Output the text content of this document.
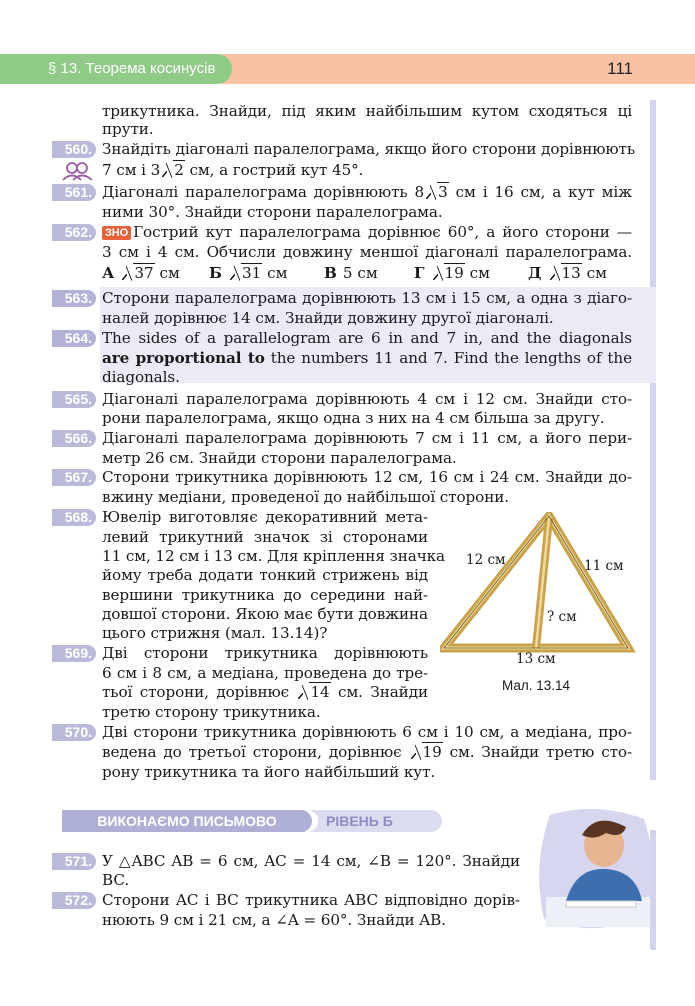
111
§ 13. Теорема косинусів
трикутника. Знайди, під яким найбільшим кутом сходяться ці
прути.
560. Знайдіть діагоналі паралелограма, якщо його сторони дорівнюють
7 см і 3 2 см, а гострий кут 45°.
561. Діагоналі паралелограма дорівнюють 8 3 см і 16 см, а кут між
ними 30°. Знайди сторони паралелограма.
562.	ЗНО Гострий кут паралелограма дорівнює 60°, а його сторони —
3 см і 4 см. Обчисли довжину меншої діагоналі паралелограма.
А 37 см Б 31 см В 5 см Г 19 см	Д 13 см
563. Сторони паралелограма дорівнюють 13 см і 15 см, а одна з діаго-
налей дорівнює 14 см. Знайди довжину другої діагоналі.
564. The sides of a parallelogram are 6 in and 7 in, and the diagonals
are proportional to the numbers 11 and 7. Find the lengths of the
diagonals.
565. Діагоналі паралелограма дорівнюють 4 см і 12 см. Знайди сто-
рони паралелограма, якщо одна з них на 4 см більша за другу.
566. Діагоналі паралелограма дорівнюють 7 см і 11 см, а його пери-
метр 26 см. Знайди сторони паралелограма.
567. Сторони трикутника дорівнюють 12 см, 16 см і 24 см. Знайди до-
вжину медіани, проведеної до найбільшої сторони.
568. Ювелір виготовляє декоративний мета-
левий трикутний значок зі сторонами
11 см, 12 см і 13 см. Для кріплення значка
йому треба додати тонкий стрижень від
вершини трикутника до середини най-
довшої сторони. Якою має бути довжина
цього стрижня (мал. 13.14)?
569. Дві сторони трикутника дорівнюють
6 см і 8 см, а медіана, проведена до тре-
тьої сторони, дорівнює 14 см. Знайди
третю сторону трикутника.
12 см	11 см
? см
13 см
Мал. 13.14
570. Дві сторони трикутника дорівнюють 6 см і 10 см, а медіана, про-
ведена до третьої сторони, дорівнює 19 см. Знайди третю сто-
рону трикутника та його найбільший кут.
РІВЕНЬ Б
ВИКОНАЄМО ПИСЬМОВО
571. У △ABC AB = 6 см, AC = 14 см, ∠B = 120°. Знайди
BC.
572. Сторони AC і BC трикутника ABC відповідно дорів-
нюють 9 см і 21 см, а ∠A = 60°. Знайди AB.
